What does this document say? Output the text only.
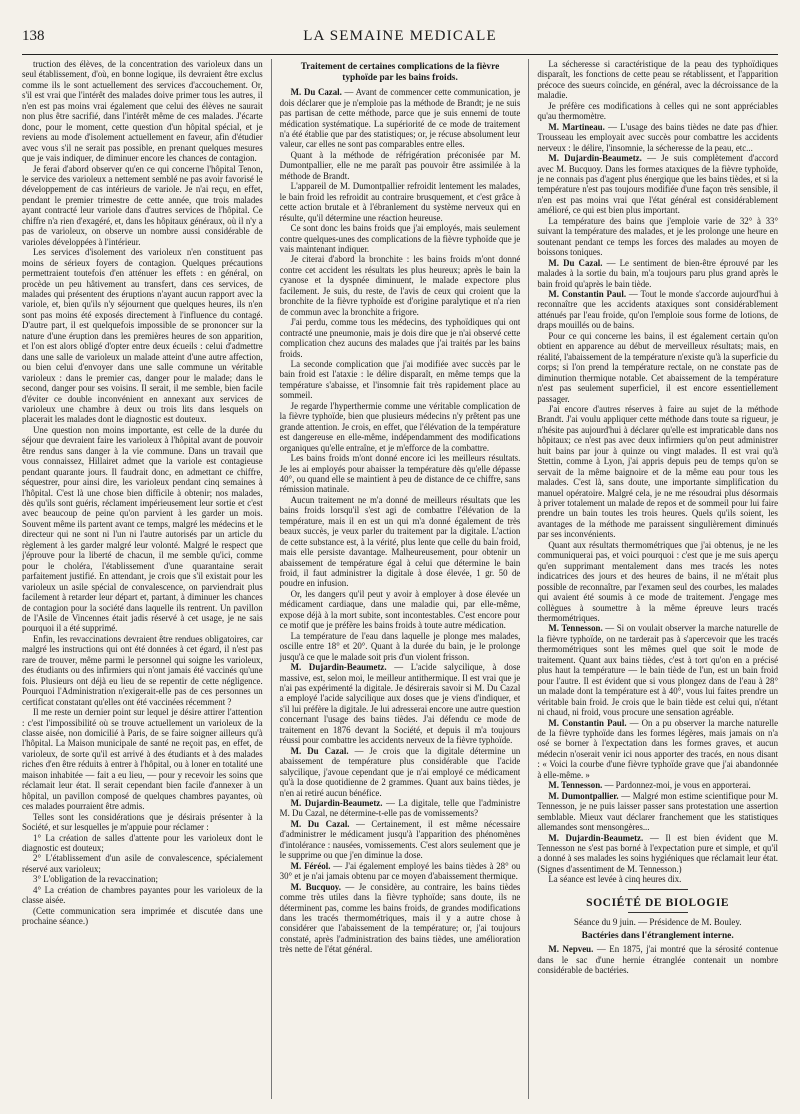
138	LA SEMAINE MEDICALE

truction des élèves, de la concentration des varioleux dans un seul établissement, d'où, en bonne logique, ils devraient être exclus comme ils le sont actuellement des services d'accouchement. Or, s'il est vrai que l'intérêt des malades doive primer tous les autres, il n'en est pas moins vrai également que celui des élèves ne saurait non plus être sacrifié, dans l'intérêt même de ces malades. J'écarte donc, pour le moment, cette question d'un hôpital spécial, et je reviens au mode d'isolement actuellement en faveur, afin d'étudier avec vous s'il ne serait pas possible, en prenant quelques mesures que je vais indiquer, de diminuer encore les chances de contagion.

Je ferai d'abord observer qu'en ce qui concerne l'hôpital Tenon, le service des varioleux a nettement semblé ne pas avoir favorisé le développement de cas intérieurs de variole. Je n'ai reçu, en effet, pendant le premier trimestre de cette année, que trois malades ayant contracté leur variole dans d'autres services de l'hôpital. Ce chiffre n'a rien d'exagéré, et, dans les hôpitaux généraux, où il n'y a pas de varioleux, on observe un nombre aussi considérable de varioles développées à l'intérieur.

Les services d'isolement des varioleux n'en constituent pas moins de sérieux foyers de contagion. Quelques précautions permettraient toutefois d'en atténuer les effets : en général, on procède un peu hâtivement au transfert, dans ces services, de malades qui présentent des éruptions n'ayant aucun rapport avec la variole, et, bien qu'ils n'y séjournent que quelques heures, ils n'en sont pas moins été exposés directement à l'influence du contagé. D'autre part, il est quelquefois impossible de se prononcer sur la nature d'une éruption dans les premières heures de son apparition, et l'on est alors obligé d'opter entre deux écueils : celui d'admettre dans une salle de varioleux un malade atteint d'une autre affection, ou bien celui d'envoyer dans une salle commune un véritable varioleux : dans le premier cas, danger pour le malade; dans le second, danger pour ses voisins. Il serait, il me semble, bien facile d'éviter ce double inconvénient en annexant aux services de varioleux une chambre à deux ou trois lits dans lesquels on placerait les malades dont le diagnostic est douteux.

Une question non moins importante, est celle de la durée du séjour que devraient faire les varioleux à l'hôpital avant de pouvoir être rendus sans danger à la vie commune. Dans un travail que vous connaissez, Hillairet admet que la variole est contagieuse pendant quarante jours. Il faudrait donc, en admettant ce chiffre, séquestrer, pour ainsi dire, les varioleux pendant cinq semaines à l'hôpital. C'est là une chose bien difficile à obtenir; nos malades, dès qu'ils sont guéris, réclament impérieusement leur sortie et c'est avec beaucoup de peine qu'on parvient à les garder un mois. Souvent même ils partent avant ce temps, malgré les médecins et le directeur qui ne sont ni l'un ni l'autre autorisés par un article du règlement à les garder malgré leur volonté. Malgré le respect que j'éprouve pour la liberté de chacun, il me semble qu'ici, comme pour le choléra, l'établissement d'une quarantaine serait parfaitement justifié. En attendant, je crois que s'il existait pour les varioleux un asile spécial de convalescence, on parviendrait plus facilement à retarder leur départ et, partant, à diminuer les chances de contagion pour la société dans laquelle ils rentrent. Un pavillon de l'Asile de Vincennes était jadis réservé à cet usage, je ne sais pourquoi il a été supprimé.

Enfin, les revaccinations devraient être rendues obligatoires, car malgré les instructions qui ont été données à cet égard, il n'est pas rare de trouver, même parmi le personnel qui soigne les varioleux, des étudiants ou des infirmiers qui n'ont jamais été vaccinés qu'une fois. Plusieurs ont déjà eu lieu de se repentir de cette négligence. Pourquoi l'Administration n'exigerait-elle pas de ces personnes un certificat constatant qu'elles ont été vaccinées récemment ?

Il me reste un dernier point sur lequel je désire attirer l'attention : c'est l'impossibilité où se trouve actuellement un varioleux de la classe aisée, non domicilié à Paris, de se faire soigner ailleurs qu'à l'hôpital. La Maison municipale de santé ne reçoit pas, en effet, de varioleux, de sorte qu'il est arrivé à des étudiants et à des malades riches d'en être réduits à entrer à l'hôpital, ou à loner en totalité une maison inhabitée — fait a eu lieu, — pour y recevoir les soins que réclamait leur état. Il serait cependant bien facile d'annexer à un hôpital, un pavillon composé de quelques chambres payantes, où ces malades pourraient être admis.

Telles sont les considérations que je désirais présenter à la Société, et sur lesquelles je m'appuie pour réclamer :

1° La création de salles d'attente pour les varioleux dont le diagnostic est douteux;

2° L'établissement d'un asile de convalescence, spécialement réservé aux varioleux;

3° L'obligation de la revaccination;

4° La création de chambres payantes pour les varioleux de la classe aisée.

(Cette communication sera imprimée et discutée dans une prochaine séance.)

Traitement de certaines complications de la fièvre typhoïde par les bains froids.

M. Du Cazal. — Avant de commencer cette communication, je dois déclarer que je n'emploie pas la méthode de Brandt; je ne suis pas partisan de cette méthode, parce que je suis ennemi de toute médication systématique. La supériorité de ce mode de traitement n'a été établie que par des statistiques; or, je récuse absolument leur valeur, car elles ne sont pas comparables entre elles.

Quant à la méthode de réfrigération préconisée par M. Dumontpallier, elle ne me paraît pas pouvoir être assimilée à la méthode de Brandt.

L'appareil de M. Dumontpallier refroidit lentement les malades, le bain froid les refroidit au contraire brusquement, et c'est grâce à cette action brutale et à l'ébranlement du système nerveux qui en résulte, qu'il détermine une réaction heureuse.

Ce sont donc les bains froids que j'ai employés, mais seulement contre quelques-unes des complications de la fièvre typhoïde que je vais maintenant indiquer.

Je citerai d'abord la bronchite : les bains froids m'ont donné contre cet accident les résultats les plus heureux; après le bain la cyanose et la dyspnée diminuent, le malade expectore plus facilement. Je suis, du reste, de l'avis de ceux qui croient que la bronchite de la fièvre typhoïde est d'origine paralytique et n'a rien de commun avec la bronchite a frigore.

J'ai perdu, comme tous les médecins, des typhoïdiques qui ont contracté une pneumonie, mais je dois dire que je n'ai observé cette complication chez aucuns des malades que j'ai traités par les bains froids.

La seconde complication que j'ai modifiée avec succès par le bain froid est l'ataxie : le délire disparaît, en même temps que la température s'abaisse, et l'insomnie fait très rapidement place au sommeil.

Je regarde l'hyperthermie comme une véritable complication de la fièvre typhoïde, bien que plusieurs médecins n'y prêtent pas une grande attention. Je crois, en effet, que l'élévation de la température est dangereuse en elle-même, indépendamment des modifications organiques qu'elle entraîne, et je m'efforce de la combattre.

Les bains froids m'ont donné encore ici les meilleurs résultats. Je les ai employés pour abaisser la température dès qu'elle dépasse 40°, ou quand elle se maintient à peu de distance de ce chiffre, sans rémission matinale.

Aucun traitement ne m'a donné de meilleurs résultats que les bains froids lorsqu'il s'est agi de combattre l'élévation de la température, mais il en est un qui m'a donné également de très beaux succès, je veux parler du traitement par la digitale. L'action de cette substance est, à la vérité, plus lente que celle du bain froid, mais elle persiste davantage. Malheureusement, pour obtenir un abaissement de température égal à celui que détermine le bain froid, il faut administrer la digitale à dose élevée, 1 gr. 50 de poudre en infusion.

Or, les dangers qu'il peut y avoir à employer à dose élevée un médicament cardiaque, dans une maladie qui, par elle-même, expose déjà à la mort subite, sont incontestables. C'est encore pour ce motif que je préfère les bains froids à toute autre médication.

La température de l'eau dans laquelle je plonge mes malades, oscille entre 18° et 20°. Quant à la durée du bain, je le prolonge jusqu'à ce que le malade soit pris d'un violent frisson.

M. Dujardin-Beaumetz. — L'acide salycilique, à dose massive, est, selon moi, le meilleur antithermique. Il est vrai que je n'ai pas expérimenté la digitale. Je désirerais savoir si M. Du Cazal a employé l'acide salycilique aux doses que je viens d'indiquer, et s'il lui préfère la digitale. Je lui adresserai encore une autre question concernant l'usage des bains tièdes. J'ai défendu ce mode de traitement en 1876 devant la Société, et depuis il m'a toujours réussi pour combattre les accidents nerveux de la fièvre typhoïde.

M. Du Cazal. — Je crois que la digitale détermine un abaissement de température plus considérable que l'acide salycilique, j'avoue cependant que je n'ai employé ce médicament qu'à la dose quotidienne de 2 grammes. Quant aux bains tièdes, je n'en ai retiré aucun bénéfice.

M. Dujardin-Beaumetz. — La digitale, telle que l'administre M. Du Cazal, ne détermine-t-elle pas de vomissements?

M. Du Cazal. — Certainement, il est même nécessaire d'administrer le médicament jusqu'à l'apparition des phénomènes d'intolérance : nausées, vomissements. C'est alors seulement que je le supprime ou que j'en diminue la dose.

M. Féréol. — J'ai également employé les bains tièdes à 28° ou 30° et je n'ai jamais obtenu par ce moyen d'abaissement thermique.

M. Bucquoy. — Je considère, au contraire, les bains tièdes comme très utiles dans la fièvre typhoïde; sans doute, ils ne déterminent pas, comme les bains froids, de grandes modifications dans les tracés thermométriques, mais il y a autre chose à considérer que l'abaissement de la température; or, j'ai toujours constaté, après l'administration des bains tièdes, une amélioration très nette de l'état général.

La sécheresse si caractéristique de la peau des typhoïdiques disparaît, les fonctions de cette peau se rétablissent, et l'apparition précoce des sueurs coïncide, en général, avec la décroissance de la maladie.

Je préfère ces modifications à celles qui ne sont appréciables qu'au thermomètre.

M. Martineau. — L'usage des bains tièdes ne date pas d'hier. Trousseau les employait avec succès pour combattre les accidents nerveux : le délire, l'insomnie, la sécheresse de la peau, etc...

M. Dujardin-Beaumetz. — Je suis complètement d'accord avec M. Bucquoy. Dans les formes ataxiques de la fièvre typhoïde, je ne connais pas d'agent plus énergique que les bains tièdes, et si la température n'est pas toujours modifiée d'une façon très sensible, il n'en est pas moins vrai que l'état général est considérablement amélioré, ce qui est bien plus important.

La température des bains que j'emploie varie de 32° à 33° suivant la température des malades, et je les prolonge une heure en soutenant pendant ce temps les forces des malades au moyen de boissons toniques.

M. Du Cazal. — Le sentiment de bien-être éprouvé par les malades à la sortie du bain, m'a toujours paru plus grand après le bain froid qu'après le bain tiède.

M. Constantin Paul. — Tout le monde s'accorde aujourd'hui à reconnaître que les accidents ataxiques sont considérablement atténués par l'eau froide, qu'on l'emploie sous forme de lotions, de draps mouillés ou de bains.

Pour ce qui concerne les bains, il est également certain qu'on obtient en apparence au début de merveilleux résultats; mais, en réalité, l'abaissement de la température n'existe qu'à la superficie du corps; si l'on prend la température rectale, on ne constate pas de diminution thermique notable. Cet abaissement de la température n'est pas seulement superficiel, il est encore essentiellement passager.

J'ai encore d'autres réserves à faire au sujet de la méthode Brandt. J'ai voulu appliquer cette méthode dans toute sa rigueur, je n'hésite pas aujourd'hui à déclarer qu'elle est impraticable dans nos hôpitaux; ce n'est pas avec deux infirmiers qu'on peut administrer huit bains par jour à quinze ou vingt malades. Il est vrai qu'à Stettin, comme à Lyon, j'ai appris depuis peu de temps qu'on se servait de la même baignoire et de la même eau pour tous les malades. C'est là, sans doute, une importante simplification du manuel opératoire. Malgré cela, je ne me résoudrai plus désormais à priver totalement un malade de repos et de sommeil pour lui faire prendre un bain toutes les trois heures. Quels qu'ils soient, les avantages de la méthode me paraissent singulièrement diminués par ses inconvénients.

Quant aux résultats thermométriques que j'ai obtenus, je ne les communiquerai pas, et voici pourquoi : c'est que je me suis aperçu qu'en supprimant mentalement dans mes tracés les notes indicatrices des jours et des heures de bains, il ne m'était plus possible de reconnaître, par l'examen seul des courbes, les malades qui avaient été soumis à ce mode de traitement. J'engage mes collègues à soumettre à la même épreuve leurs tracés thermométriques.

M. Tennesson. — Si on voulait observer la marche naturelle de la fièvre typhoïde, on ne tarderait pas à s'apercevoir que les tracés thermométriques sont les mêmes quel que soit le mode de traitement. Quant aux bains tièdes, c'est à tort qu'on en a précisé plus haut la température — le bain tiède de l'un, est un bain froid pour l'autre. Il est évident que si vous plongez dans de l'eau à 28° un malade dont la température est à 40°, vous lui faites prendre un véritable bain froid. Je crois que le bain tiède est celui qui, n'étant ni chaud, ni froid, vous procure une sensation agréable.

M. Constantin Paul. — On a pu observer la marche naturelle de la fièvre typhoïde dans les formes légères, mais jamais on n'a osé se borner à l'expectation dans les formes graves, et aucun médecin n'oserait venir ici nous apporter des tracés, en nous disant : « Voici la courbe d'une fièvre typhoïde grave que j'ai abandonnée à elle-même. »

M. Tennesson. — Pardonnez-moi, je vous en apporterai.

M. Dumontpallier. — Malgré mon estime scientifique pour M. Tennesson, je ne puis laisser passer sans protestation une assertion semblable. Mieux vaut déclarer franchement que les statistiques allemandes sont mensongères...

M. Dujardin-Beaumetz. — Il est bien évident que M. Tennesson ne s'est pas borné à l'expectation pure et simple, et qu'il a donné à ses malades les soins hygiéniques que réclamait leur état. (Signes d'assentiment de M. Tennesson.)

La séance est levée à cinq heures dix.

SOCIÉTÉ DE BIOLOGIE

Séance du 9 juin. — Présidence de M. Bouley.

Bactéries dans l'étranglement interne.

M. Nepveu. — En 1875, j'ai montré que la sérosité contenue dans le sac d'une hernie étranglée contenait un nombre considérable de bactéries.
